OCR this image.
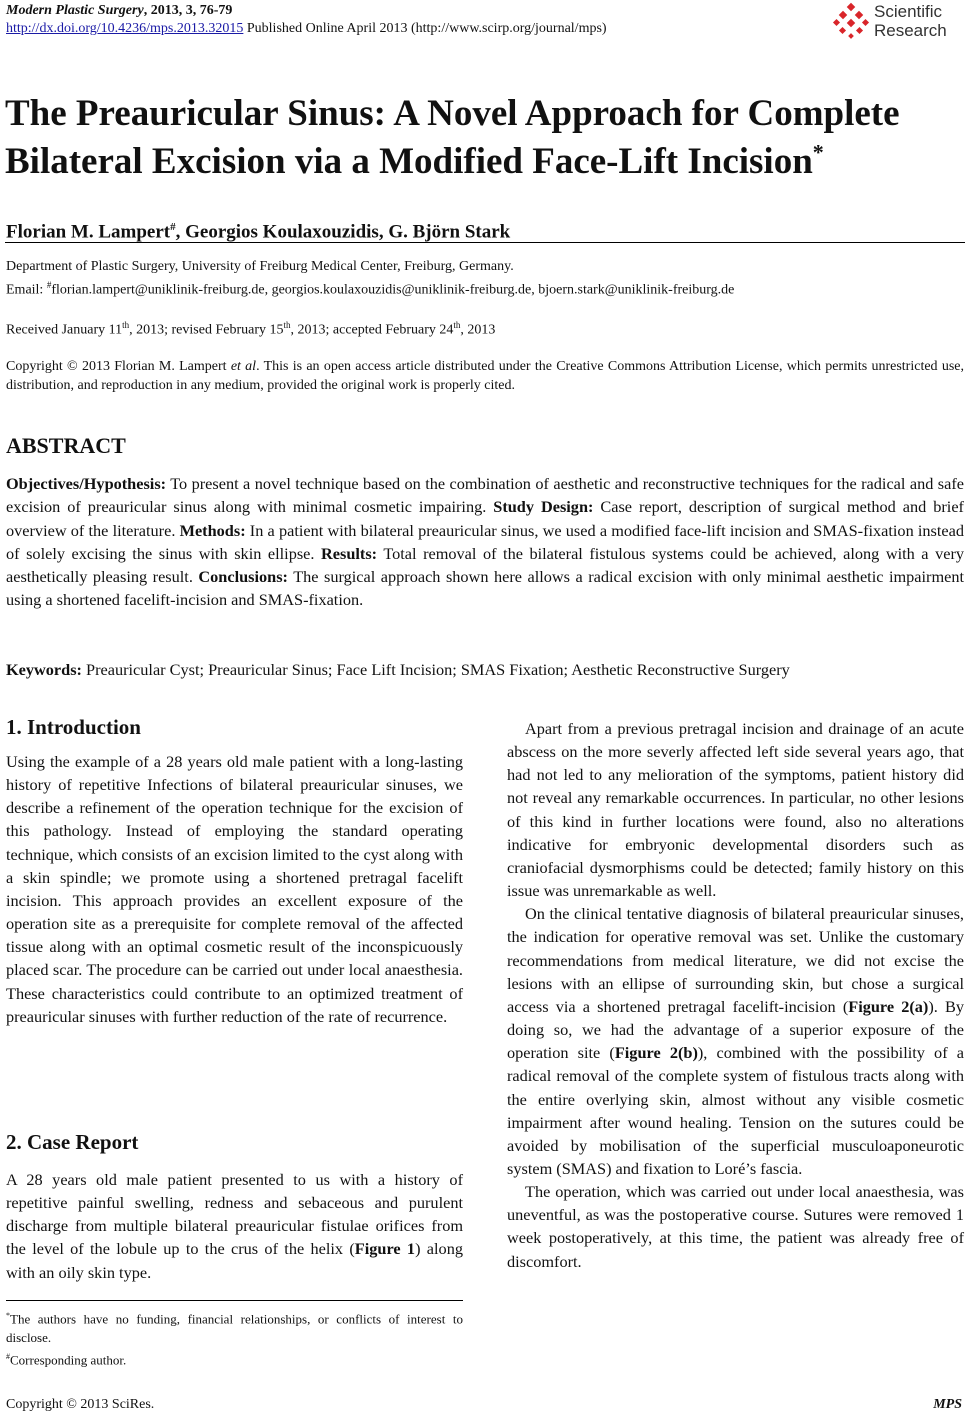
Modern Plastic Surgery, 2013, 3, 76-79
http://dx.doi.org/10.4236/mps.2013.32015 Published Online April 2013 (http://www.scirp.org/journal/mps)
Scientific
Research
The Preauricular Sinus: A Novel Approach for Complete
Bilateral Excision via a Modified Face-Lift Incision*
Florian M. Lampert#, Georgios Koulaxouzidis, G. Björn Stark
Department of Plastic Surgery, University of Freiburg Medical Center, Freiburg, Germany.
Email: #florian.lampert@uniklinik-freiburg.de, georgios.koulaxouzidis@uniklinik-freiburg.de, bjoern.stark@uniklinik-freiburg.de
Received January 11th, 2013; revised February 15th, 2013; accepted February 24th, 2013
Copyright © 2013 Florian M. Lampert et al. This is an open access article distributed under the Creative Commons Attribution License, which permits unrestricted use, distribution, and reproduction in any medium, provided the original work is properly cited.
ABSTRACT
Objectives/Hypothesis: To present a novel technique based on the combination of aesthetic and reconstructive techniques for the radical and safe excision of preauricular sinus along with minimal cosmetic impairing. Study Design: Case report, description of surgical method and brief overview of the literature. Methods: In a patient with bilateral preauricular sinus, we used a modified face-lift incision and SMAS-fixation instead of solely excising the sinus with skin ellipse. Results: Total removal of the bilateral fistulous systems could be achieved, along with a very aesthetically pleasing result. Conclusions: The surgical approach shown here allows a radical excision with only minimal aesthetic impairment using a shortened facelift-incision and SMAS-fixation.
Keywords: Preauricular Cyst; Preauricular Sinus; Face Lift Incision; SMAS Fixation; Aesthetic Reconstructive Surgery
1. Introduction

Using the example of a 28 years old male patient with a long-lasting history of repetitive Infections of bilateral preauricular sinuses, we describe a refinement of the operation technique for the excision of this pathology. Instead of employing the standard operating technique, which consists of an excision limited to the cyst along with a skin spindle; we promote using a shortened pretragal facelift incision. This approach provides an excellent exposure of the operation site as a prerequisite for complete removal of the affected tissue along with an optimal cosmetic result of the inconspicuously placed scar. The procedure can be carried out under local anaesthesia. These characteristics could contribute to an optimized treatment of preauricular sinuses with further reduction of the rate of recurrence.

2. Case Report

A 28 years old male patient presented to us with a history of repetitive painful swelling, redness and sebaceous and purulent discharge from multiple bilateral preauricular fistulae orifices from the level of the lobule up to the crus of the helix (Figure 1) along with an oily skin type.

*The authors have no funding, financial relationships, or conflicts of interest to disclose.

#Corresponding author.

Apart from a previous pretragal incision and drainage of an acute abscess on the more severly affected left side several years ago, that had not led to any melioration of the symptoms, patient history did not reveal any remarkable occurrences. In particular, no other lesions of this kind in further locations were found, also no alterations indicative for embryonic developmental disorders such as craniofacial dysmorphisms could be detected; family history on this issue was unremarkable as well.

On the clinical tentative diagnosis of bilateral preauricular sinuses, the indication for operative removal was set. Unlike the customary recommendations from medical literature, we did not excise the lesions with an ellipse of surrounding skin, but chose a surgical access via a shortened pretragal facelift-incision (Figure 2(a)). By doing so, we had the advantage of a superior exposure of the operation site (Figure 2(b)), combined with the possibility of a radical removal of the complete system of fistulous tracts along with the entire overlying skin, almost without any visible cosmetic impairment after wound healing. Tension on the sutures could be avoided by mobilisation of the superficial musculoaponeurotic system (SMAS) and fixation to Loré’s fascia.

The operation, which was carried out under local anaesthesia, was uneventful, as was the postoperative course. Sutures were removed 1 week postoperatively, at this time, the patient was already free of discomfort.

Copyright © 2013 SciRes.	MPS
